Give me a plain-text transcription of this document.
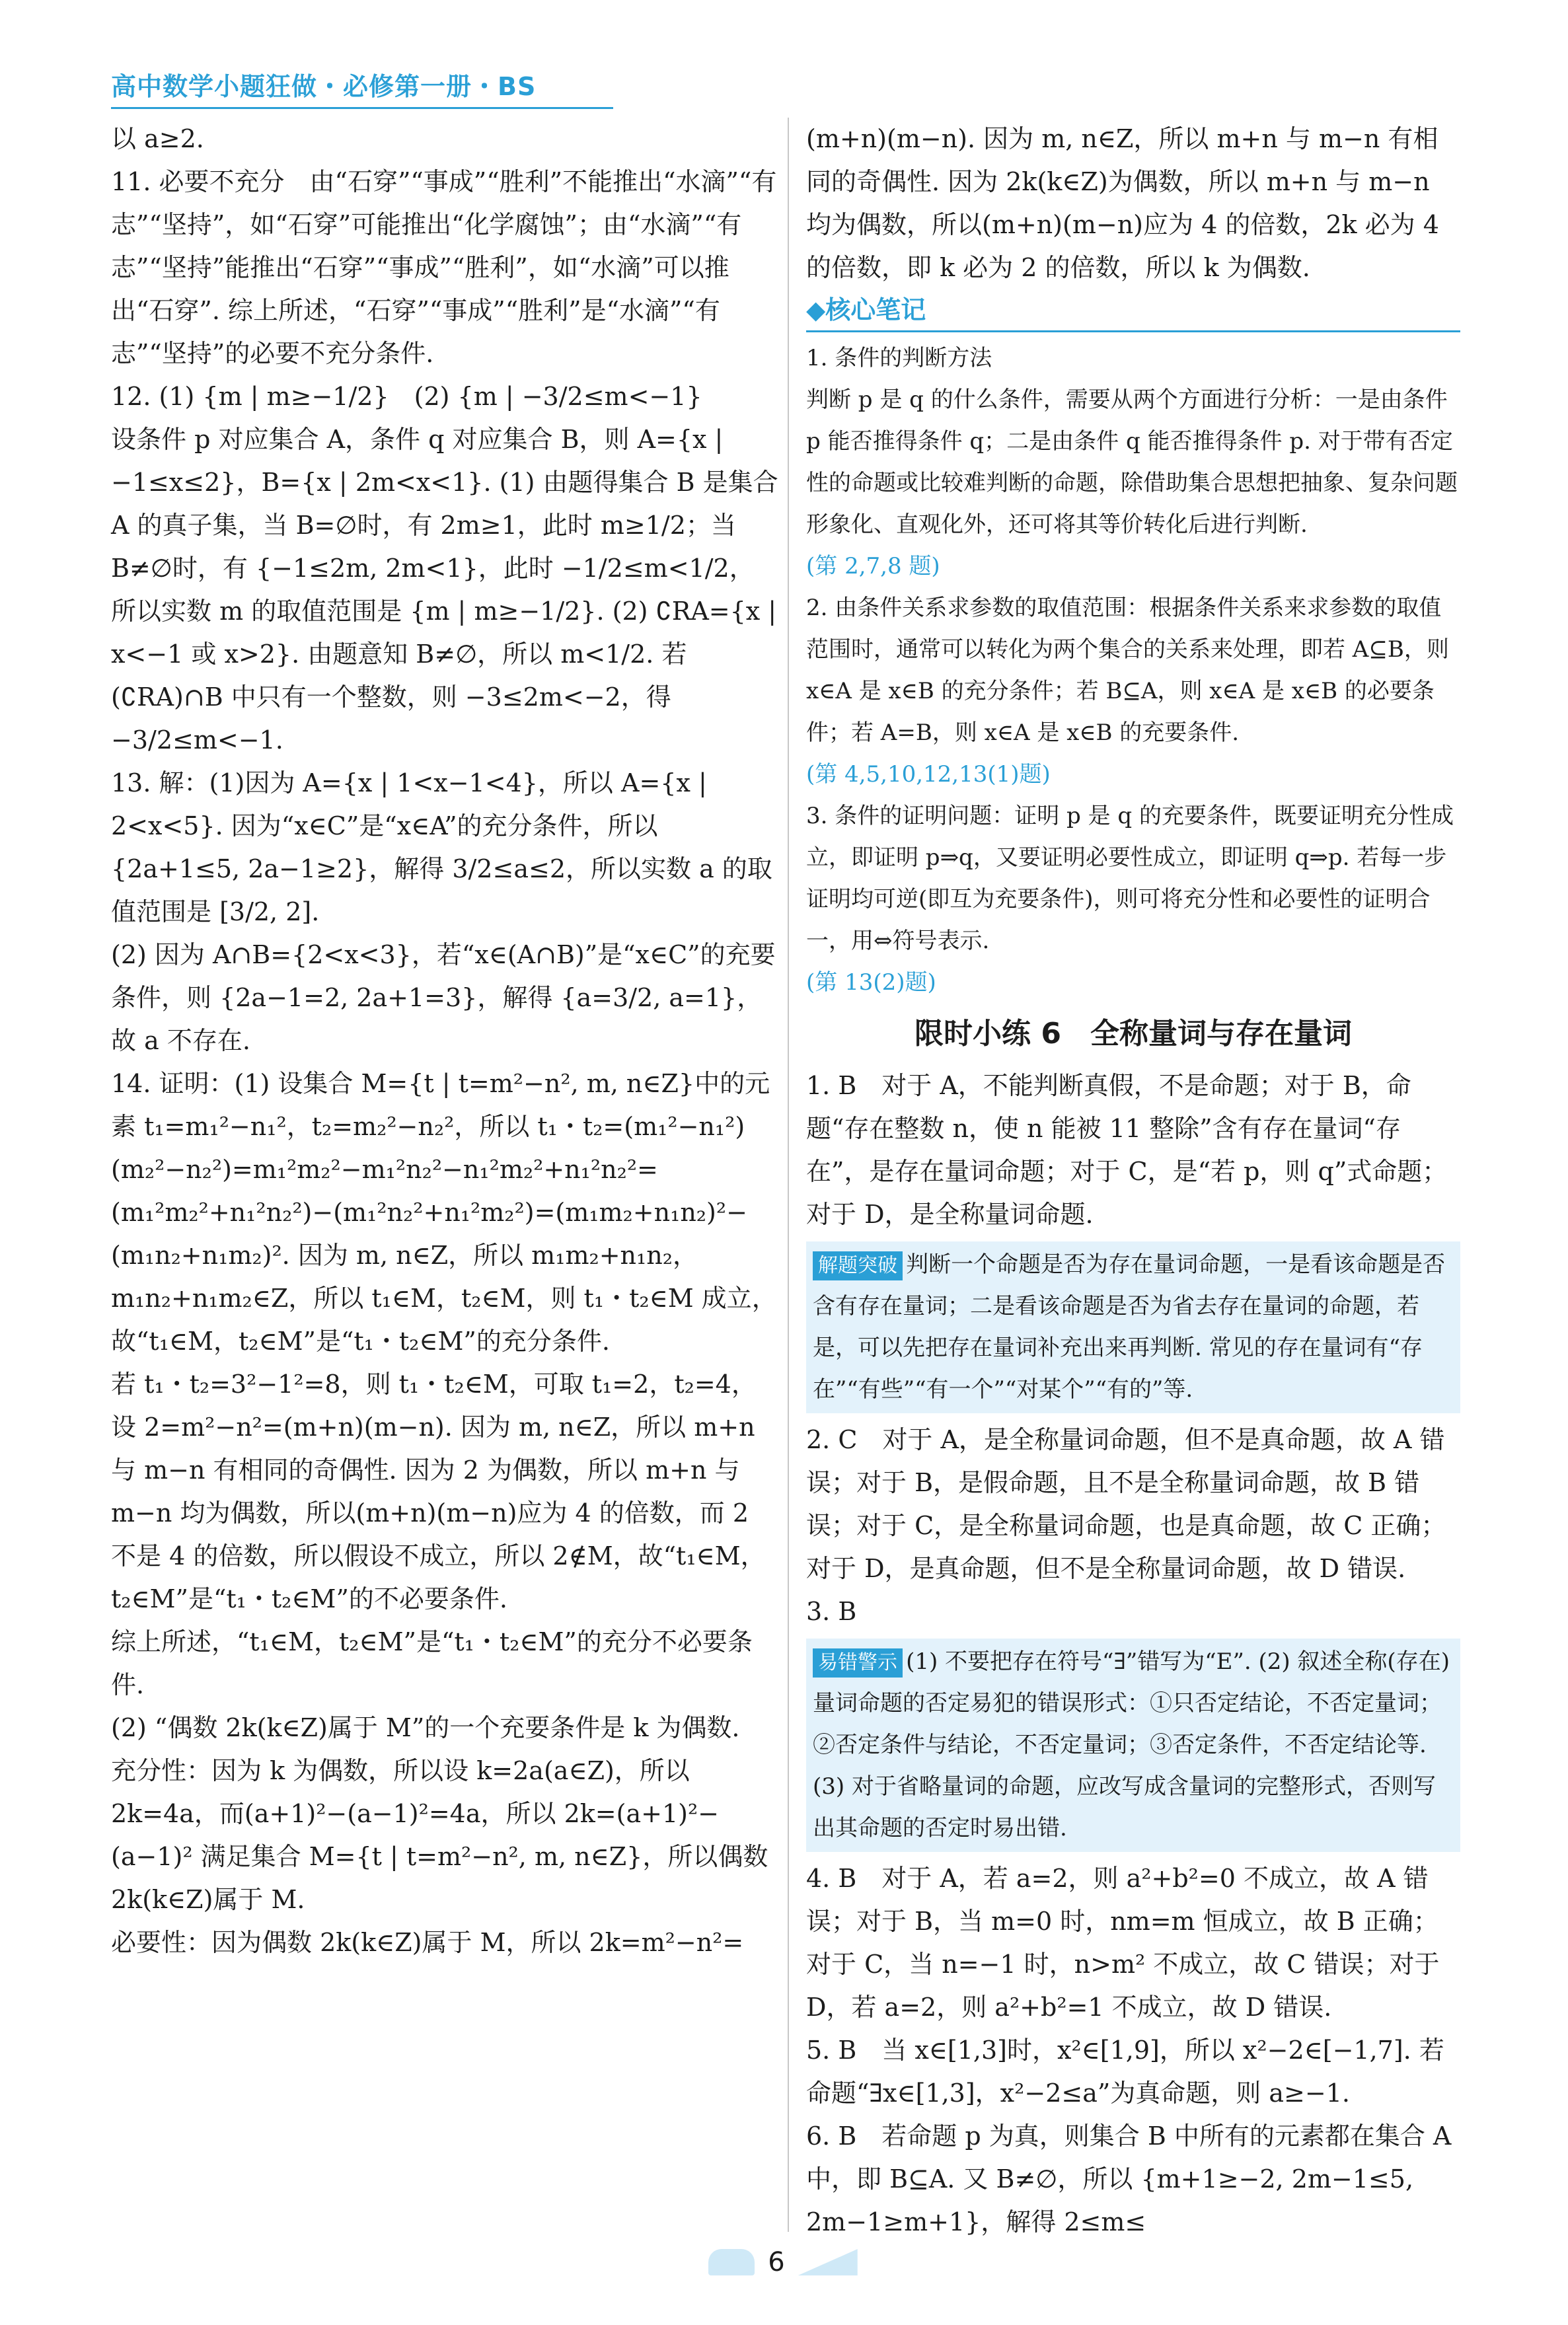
高中数学小题狂做・必修第一册・BS

以 a≥2.

11. 必要不充分　由“石穿”“事成”“胜利”不能推出“水滴”“有志”“坚持”，如“石穿”可能推出“化学腐蚀”；由“水滴”“有志”“坚持”能推出“石穿”“事成”“胜利”，如“水滴”可以推出“石穿”. 综上所述，“石穿”“事成”“胜利”是“水滴”“有志”“坚持”的必要不充分条件.

12. (1) {m | m≥−1/2}　(2) {m | −3/2≤m<−1}

设条件 p 对应集合 A，条件 q 对应集合 B，则 A={x | −1≤x≤2}，B={x | 2m<x<1}. (1) 由题得集合 B 是集合 A 的真子集，当 B=∅时，有 2m≥1，此时 m≥1/2；当 B≠∅时，有 {−1≤2m, 2m<1}，此时 −1/2≤m<1/2，所以实数 m 的取值范围是 {m | m≥−1/2}. (2) ∁RA={x | x<−1 或 x>2}. 由题意知 B≠∅，所以 m<1/2. 若(∁RA)∩B 中只有一个整数，则 −3≤2m<−2，得 −3/2≤m<−1.

13. 解：(1)因为 A={x | 1<x−1<4}，所以 A={x | 2<x<5}. 因为“x∈C”是“x∈A”的充分条件，所以 {2a+1≤5, 2a−1≥2}，解得 3/2≤a≤2，所以实数 a 的取值范围是 [3/2, 2].

(2) 因为 A∩B={2<x<3}，若“x∈(A∩B)”是“x∈C”的充要条件，则 {2a−1=2, 2a+1=3}，解得 {a=3/2, a=1}，故 a 不存在.

14. 证明：(1) 设集合 M={t | t=m²−n², m, n∈Z}中的元素 t₁=m₁²−n₁²，t₂=m₂²−n₂²，所以 t₁・t₂=(m₁²−n₁²)(m₂²−n₂²)=m₁²m₂²−m₁²n₂²−n₁²m₂²+n₁²n₂²=(m₁²m₂²+n₁²n₂²)−(m₁²n₂²+n₁²m₂²)=(m₁m₂+n₁n₂)²−(m₁n₂+n₁m₂)². 因为 m, n∈Z，所以 m₁m₂+n₁n₂，m₁n₂+n₁m₂∈Z，所以 t₁∈M，t₂∈M，则 t₁・t₂∈M 成立，故“t₁∈M，t₂∈M”是“t₁・t₂∈M”的充分条件.

若 t₁・t₂=3²−1²=8，则 t₁・t₂∈M，可取 t₁=2，t₂=4，设 2=m²−n²=(m+n)(m−n). 因为 m, n∈Z，所以 m+n 与 m−n 有相同的奇偶性. 因为 2 为偶数，所以 m+n 与 m−n 均为偶数，所以(m+n)(m−n)应为 4 的倍数，而 2 不是 4 的倍数，所以假设不成立，所以 2∉M，故“t₁∈M，t₂∈M”是“t₁・t₂∈M”的不必要条件.

综上所述，“t₁∈M，t₂∈M”是“t₁・t₂∈M”的充分不必要条件.

(2) “偶数 2k(k∈Z)属于 M”的一个充要条件是 k 为偶数.

充分性：因为 k 为偶数，所以设 k=2a(a∈Z)，所以 2k=4a，而(a+1)²−(a−1)²=4a，所以 2k=(a+1)²−(a−1)² 满足集合 M={t | t=m²−n², m, n∈Z}，所以偶数 2k(k∈Z)属于 M.

必要性：因为偶数 2k(k∈Z)属于 M，所以 2k=m²−n²=

(m+n)(m−n). 因为 m, n∈Z，所以 m+n 与 m−n 有相同的奇偶性. 因为 2k(k∈Z)为偶数，所以 m+n 与 m−n 均为偶数，所以(m+n)(m−n)应为 4 的倍数，2k 必为 4 的倍数，即 k 必为 2 的倍数，所以 k 为偶数.

◆核心笔记

1. 条件的判断方法

判断 p 是 q 的什么条件，需要从两个方面进行分析：一是由条件 p 能否推得条件 q；二是由条件 q 能否推得条件 p. 对于带有否定性的命题或比较难判断的命题，除借助集合思想把抽象、复杂问题形象化、直观化外，还可将其等价转化后进行判断.

(第 2,7,8 题)

2. 由条件关系求参数的取值范围：根据条件关系来求参数的取值范围时，通常可以转化为两个集合的关系来处理，即若 A⊆B，则 x∈A 是 x∈B 的充分条件；若 B⊆A，则 x∈A 是 x∈B 的必要条件；若 A=B，则 x∈A 是 x∈B 的充要条件.

(第 4,5,10,12,13(1)题)

3. 条件的证明问题：证明 p 是 q 的充要条件，既要证明充分性成立，即证明 p⇒q，又要证明必要性成立，即证明 q⇒p. 若每一步证明均可逆(即互为充要条件)，则可将充分性和必要性的证明合一，用⇔符号表示.

(第 13(2)题)

限时小练 6　全称量词与存在量词

1. B　对于 A，不能判断真假，不是命题；对于 B，命题“存在整数 n，使 n 能被 11 整除”含有存在量词“存在”，是存在量词命题；对于 C，是“若 p，则 q”式命题；对于 D，是全称量词命题.

解题突破 判断一个命题是否为存在量词命题，一是看该命题是否含有存在量词；二是看该命题是否为省去存在量词的命题，若是，可以先把存在量词补充出来再判断. 常见的存在量词有“存在”“有些”“有一个”“对某个”“有的”等.

2. C　对于 A，是全称量词命题，但不是真命题，故 A 错误；对于 B，是假命题，且不是全称量词命题，故 B 错误；对于 C，是全称量词命题，也是真命题，故 C 正确；对于 D，是真命题，但不是全称量词命题，故 D 错误.

3. B

易错警示 (1) 不要把存在符号“∃”错写为“E”. (2) 叙述全称(存在)量词命题的否定易犯的错误形式：①只否定结论，不否定量词；②否定条件与结论，不否定量词；③否定条件，不否定结论等. (3) 对于省略量词的命题，应改写成含量词的完整形式，否则写出其命题的否定时易出错.

4. B　对于 A，若 a=2，则 a²+b²=0 不成立，故 A 错误；对于 B，当 m=0 时，nm=m 恒成立，故 B 正确；对于 C，当 n=−1 时，n>m² 不成立，故 C 错误；对于 D，若 a=2，则 a²+b²=1 不成立，故 D 错误.

5. B　当 x∈[1,3]时，x²∈[1,9]，所以 x²−2∈[−1,7]. 若命题“∃x∈[1,3]，x²−2≤a”为真命题，则 a≥−1.

6. B　若命题 p 为真，则集合 B 中所有的元素都在集合 A 中，即 B⊆A. 又 B≠∅，所以 {m+1≥−2, 2m−1≤5, 2m−1≥m+1}，解得 2≤m≤

6
